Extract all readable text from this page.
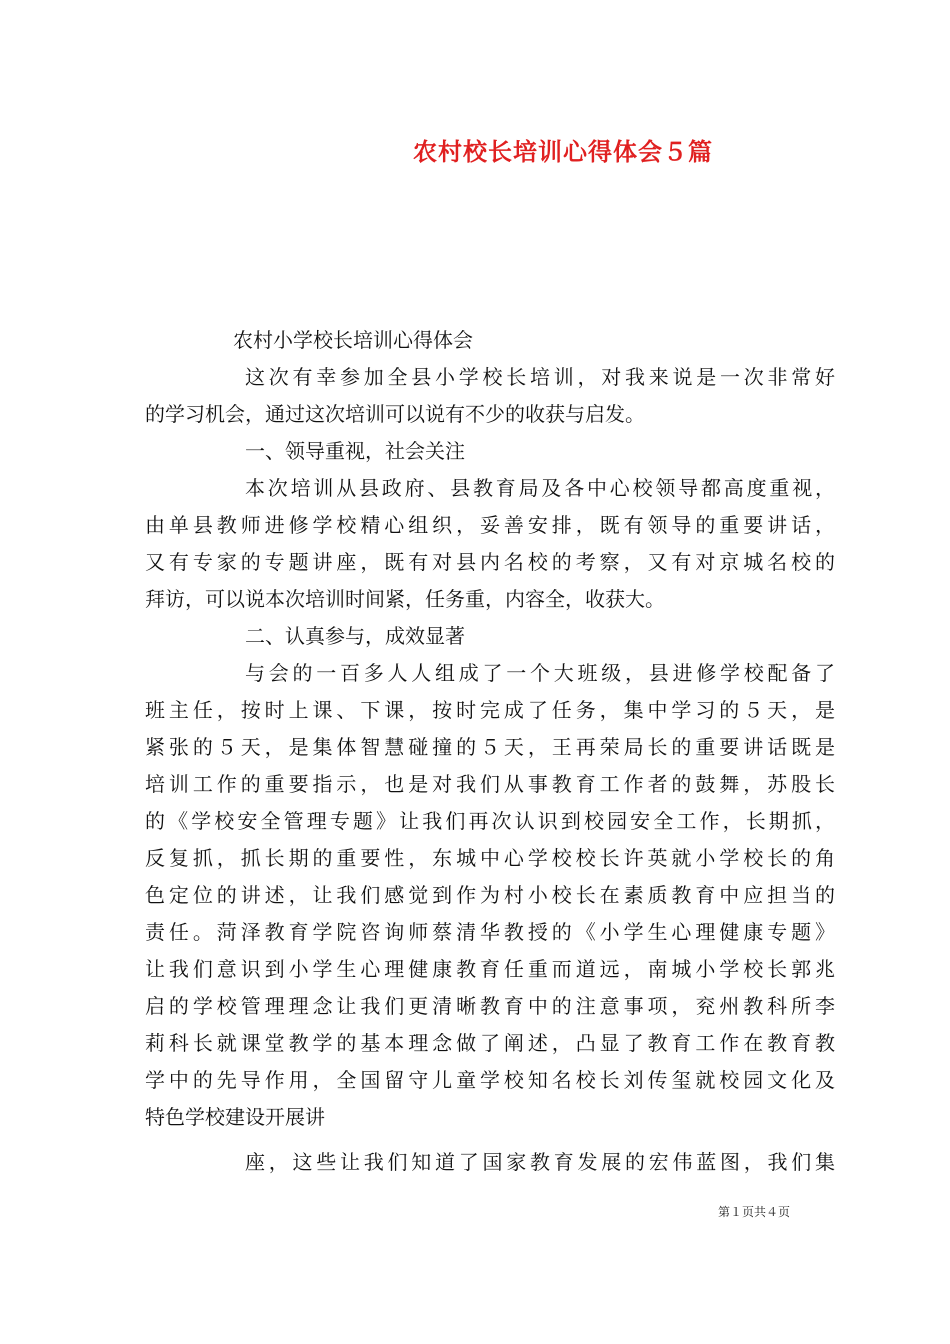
农村校长培训心得体会５篇
农村小学校长培训心得体会
这次有幸参加全县小学校长培训，对我来说是一次非常好
的学习机会，通过这次培训可以说有不少的收获与启发。
一、领导重视，社会关注
本次培训从县政府、县教育局及各中心校领导都高度重视，
由单县教师进修学校精心组织，妥善安排，既有领导的重要讲话，
又有专家的专题讲座，既有对县内名校的考察，又有对京城名校的
拜访，可以说本次培训时间紧，任务重，内容全，收获大。
二、认真参与，成效显著
与会的一百多人人组成了一个大班级，县进修学校配备了
班主任，按时上课、下课，按时完成了任务，集中学习的５天，是
紧张的５天，是集体智慧碰撞的５天，王再荣局长的重要讲话既是
培训工作的重要指示，也是对我们从事教育工作者的鼓舞，苏股长
的《学校安全管理专题》让我们再次认识到校园安全工作，长期抓，
反复抓，抓长期的重要性，东城中心学校校长许英就小学校长的角
色定位的讲述，让我们感觉到作为村小校长在素质教育中应担当的
责任。菏泽教育学院咨询师蔡清华教授的《小学生心理健康专题》
让我们意识到小学生心理健康教育任重而道远，南城小学校长郭兆
启的学校管理理念让我们更清晰教育中的注意事项，兖州教科所李
莉科长就课堂教学的基本理念做了阐述，凸显了教育工作在教育教
学中的先导作用，全国留守儿童学校知名校长刘传玺就校园文化及
特色学校建设开展讲
座，这些让我们知道了国家教育发展的宏伟蓝图，我们集
第１页共４页
